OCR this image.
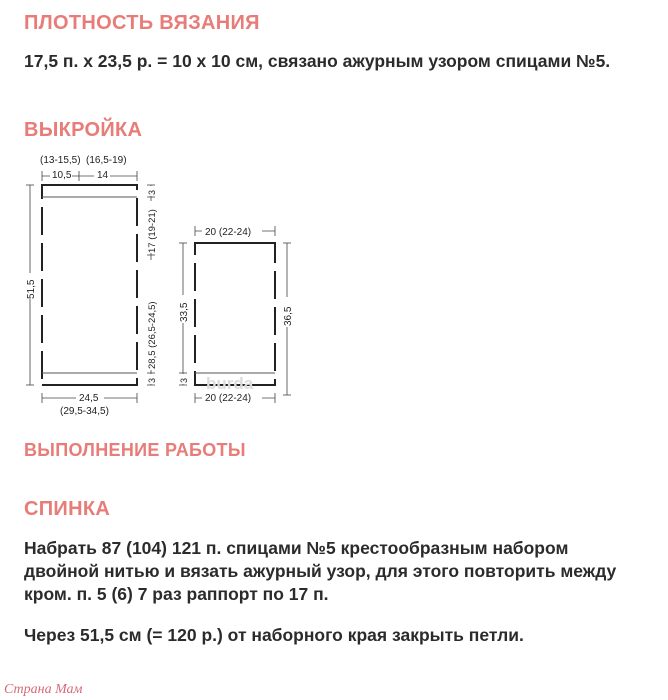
ПЛОТНОСТЬ ВЯЗАНИЯ
17,5 п. х 23,5 р. = 10 х 10 см, связано ажурным узором спицами №5.
ВЫКРОЙКА
(13-15,5) (16,5-19)
10,5	14
51,5
3
17 (19-21)
28,5 (26,5-24,5)
3
24,5
(29,5-34,5)
20 (22-24)
33,5
3
36,5
20 (22-24)
burda
ВЫПОЛНЕНИЕ РАБОТЫ
СПИНКА
Набрать 87 (104) 121 п. спицами №5 крестообразным набором двойной нитью и вязать ажурный узор, для этого повторить между кром. п. 5 (6) 7 раз раппорт по 17 п.
Через 51,5 см (= 120 р.) от наборного края закрыть петли.
Страна Мам
